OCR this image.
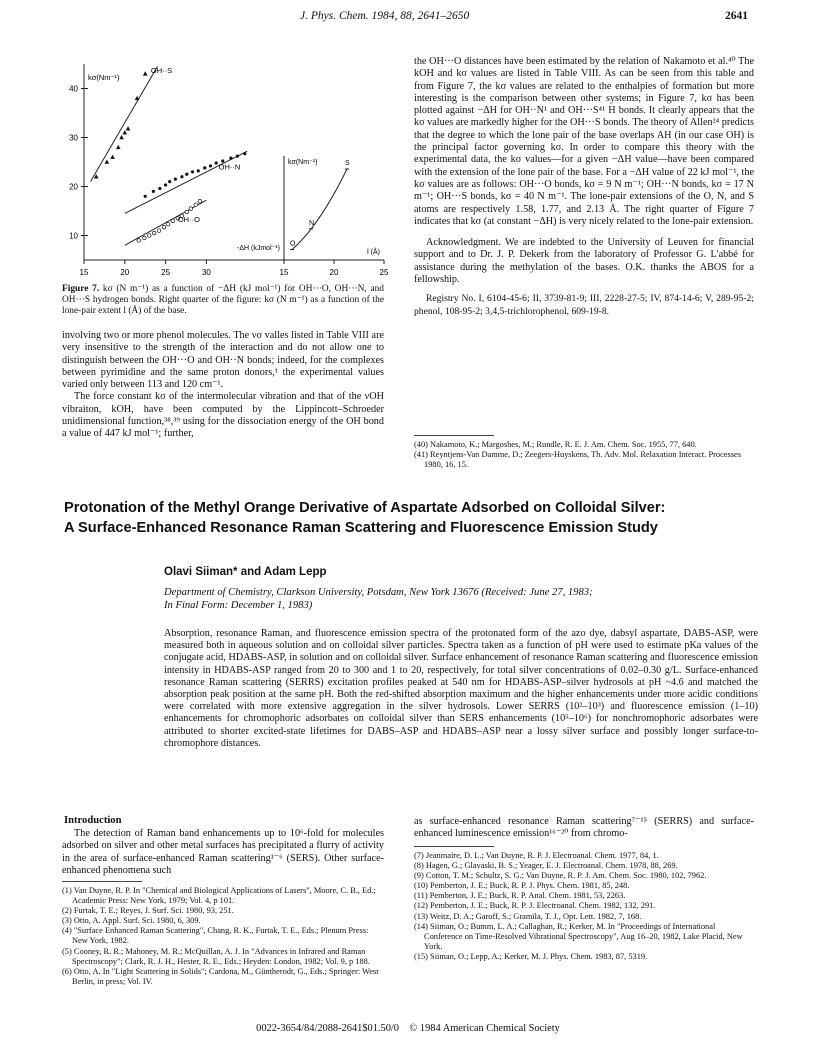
J. Phys. Chem. 1984, 88, 2641–2650	2641
10
20
30
40
15	20	25	30
kσ(Nm⁻¹)
-ΔH (kJmol⁻¹)
OH··S
OH··N
OH··O
15	20	25
kσ(Nm⁻¹)
l (Å)
O
N
S
Figure 7. kσ (N m⁻¹) as a function of −ΔH (kJ mol⁻¹) for OH···O, OH···N, and OH···S hydrogen bonds. Right quarter of the figure: kσ (N m⁻¹) as a function of the lone-pair extent l (Å) of the base.

involving two or more phenol molecules. The νσ valles listed in Table VIII are very insensitive to the strength of the interaction and do not allow one to distinguish between the OH···O and OH··N bonds; indeed, for the complexes between pyrimidine and the same proton donors,¹ the experimental values varied only between 113 and 120 cm⁻¹.

The force constant kσ of the intermolecular vibration and that of the νOH vibraiton, kOH, have been computed by the Lippincott–Schroeder unidimensional function,³⁸,³⁹ using for the dissociation energy of the OH bond a value of 447 kJ mol⁻¹; further,

the OH···O distances have been estimated by the relation of Nakamoto et al.⁴⁰ The kOH and kσ values are listed in Table VIII. As can be seen from this table and from Figure 7, the kσ values are related to the enthalpies of formation but more interesting is the comparison between other systems; in Figure 7, kσ has been plotted against −ΔH for OH··N¹ and OH···S⁴¹ H bonds. It clearly appears that the kσ values are markedly higher for the OH···S bonds. The theory of Allen²⁴ predicts that the degree to which the lone pair of the base overlaps AH (in our case OH) is the principal factor governing kσ. In order to compare this theory with the experimental data, the kσ values—for a given −ΔH value—have been compared with the extension of the lone pair of the base. For a −ΔH value of 22 kJ mol⁻¹, the kσ values are as follows: OH···O bonds, kσ = 9 N m⁻¹; OH···N bonds, kσ = 17 N m⁻¹; OH···S bonds, kσ = 40 N m⁻¹. The lone-pair extensions of the O, N, and S atoms are respectively 1.58, 1.77, and 2.13 Å. The right quarter of Figure 7 indicates that kσ (at constant −ΔH) is very nicely related to the lone-pair extension.

Acknowledgment. We are indebted to the University of Leuven for financial support and to Dr. J. P. Dekerk from the laboratory of Professor G. L'abbé for assistance during the methylation of the bases. O.K. thanks the ABOS for a fellowship.

Registry No. I, 6104-45-6; II, 3739-81-9; III, 2228-27-5; IV, 874-14-6; V, 289-95-2; phenol, 108-95-2; 3,4,5-trichlorophenol, 609-19-8.

(40) Nakamoto, K.; Margoshes, M.; Rundle, R. E. J. Am. Chem. Soc. 1955, 77, 640.
(41) Reyntjens-Van Damme, D.; Zeegers-Huyskens, Th. Adv. Mol. Relaxation Interact. Processes 1980, 16, 15.
Protonation of the Methyl Orange Derivative of Aspartate Adsorbed on Colloidal Silver:
A Surface-Enhanced Resonance Raman Scattering and Fluorescence Emission Study
Olavi Siiman* and Adam Lepp
Department of Chemistry, Clarkson University, Potsdam, New York 13676 (Received: June 27, 1983;
In Final Form: December 1, 1983)
Absorption, resonance Raman, and fluorescence emission spectra of the protonated form of the azo dye, dabsyl aspartate, DABS-ASP, were measured both in aqueous solution and on colloidal silver particles. Spectra taken as a function of pH were used to estimate pKa values of the conjugate acid, HDABS-ASP, in solution and on colloidal silver. Surface enhancement of resonance Raman scattering and fluorescence emission intensity in HDABS-ASP ranged from 20 to 300 and 1 to 20, respectively, for total silver concentrations of 0.02–0.30 g/L. Surface-enhanced resonance Raman scattering (SERRS) excitation profiles peaked at 540 nm for HDABS-ASP–silver hydrosols at pH ~4.6 and matched the absorption peak position at the same pH. Both the red-shifted absorption maximum and the higher enhancements under more acidic conditions were correlated with more extensive aggregation in the silver hydrosols. Lower SERRS (10²–10³) and fluorescence emission (1–10) enhancements for chromophoric adsorbates on colloidal silver than SERS enhancements (10⁵–10⁶) for nonchromophoric adsorbates were attributed to shorter excited-state lifetimes for DABS–ASP and HDABS–ASP near a lossy silver surface and possibly longer surface-to-chromophore distances.
Introduction

The detection of Raman band enhancements up to 10⁶-fold for molecules adsorbed on silver and other metal surfaces has precipitated a flurry of activity in the area of surface-enhanced Raman scattering¹⁻⁶ (SERS). Other surface-enhanced phenomena such

as surface-enhanced resonance Raman scattering⁷⁻¹⁵ (SERRS) and surface-enhanced luminescence emission¹⁶⁻²⁰ from chromo-

(1) Van Duyne, R. P. In "Chemical and Biological Applications of Lasers", Moore, C. B., Ed.; Academic Press: New York, 1979; Vol. 4, p 101.
(2) Furtak, T. E.; Reyes, J. Surf. Sci. 1980, 93, 251.
(3) Otto, A. Appl. Surf. Sci. 1980, 6, 309.
(4) "Surface Enhanced Raman Scattering", Chang, R. K., Furtak, T. E., Eds.; Plenum Press: New York, 1982.
(5) Cooney, R. R.; Mahoney, M. R.; McQuillan, A. J. In "Advances in Infrared and Raman Spectroscopy"; Clark, R. J. H., Hester, R. E., Eds.; Heyden: London, 1982; Vol. 9, p 188.
(6) Otto, A. In "Light Scattering in Solids"; Cardona, M., Güntherodt, G., Eds.; Springer: West Berlin, in press; Vol. IV.
(7) Jeanmaire, D. L.; Van Duyne, R. P. J. Electroanal. Chem. 1977, 84, 1.
(8) Hagen, G.; Glavaski, B. S.; Yeager, E. J. Electroanal. Chem. 1978, 88, 269.
(9) Cotton, T. M.; Schultz, S. G.; Van Duyne, R. P. J. Am. Chem. Soc. 1980, 102, 7962.
(10) Pemberton, J. E.; Buck, R. P. J. Phys. Chem. 1981, 85, 248.
(11) Pemberton, J. E.; Buck, R. P. Anal. Chem. 1981, 53, 2263.
(12) Pemberton, J. E.; Buck, R. P. J. Electroanal. Chem. 1982, 132, 291.
(13) Weitz, D. A.; Garoff, S.; Gramila, T. J., Opt. Lett. 1982, 7, 168.
(14) Siiman, O.; Bumm, L. A.; Callaghan, R.; Kerker, M. In "Proceedings of International Conference on Time-Resolved Vibrational Spectroscopy", Aug 16–20, 1982, Lake Placid, New York.
(15) Siiman, O.; Lepp, A.; Kerker, M. J. Phys. Chem. 1983, 87, 5319.
0022-3654/84/2088-2641$01.50/0 © 1984 American Chemical Society
